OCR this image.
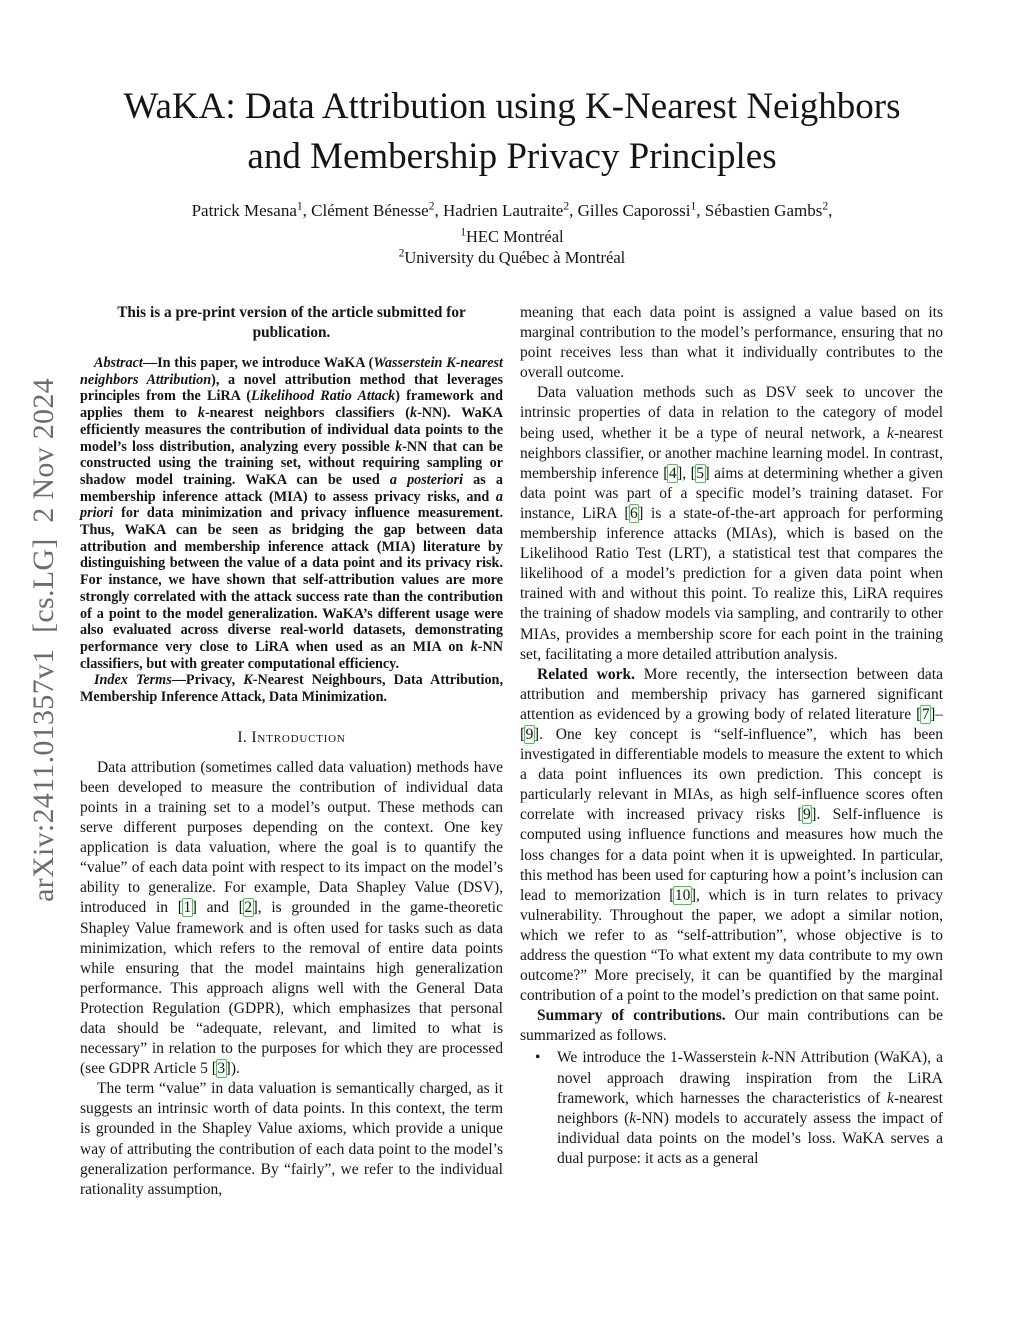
arXiv:2411.01357v1  [cs.LG]  2 Nov 2024
WaKA: Data Attribution using K-Nearest Neighbors
and Membership Privacy Principles
Patrick Mesana$^1$, Clément Bénesse$^2$, Hadrien Lautraite$^2$, Gilles Caporossi$^1$, Sébastien Gambs$^2$,
$^1$HEC Montréal
$^2$University du Québec à Montréal

This is a pre-print version of the article submitted for publication.

Abstract—In this paper, we introduce WaKA (Wasserstein K-nearest neighbors Attribution), a novel attribution method that leverages principles from the LiRA (Likelihood Ratio Attack) framework and applies them to k-nearest neighbors classifiers (k-NN). WaKA efficiently measures the contribution of individual data points to the model’s loss distribution, analyzing every possible k-NN that can be constructed using the training set, without requiring sampling or shadow model training. WaKA can be used a posteriori as a membership inference attack (MIA) to assess privacy risks, and a priori for data minimization and privacy influence measurement. Thus, WaKA can be seen as bridging the gap between data attribution and membership inference attack (MIA) literature by distinguishing between the value of a data point and its privacy risk. For instance, we have shown that self-attribution values are more strongly correlated with the attack success rate than the contribution of a point to the model generalization. WaKA’s different usage were also evaluated across diverse real-world datasets, demonstrating performance very close to LiRA when used as an MIA on k-NN classifiers, but with greater computational efficiency.

Index Terms—Privacy, K-Nearest Neighbours, Data Attribution, Membership Inference Attack, Data Minimization.

I. Introduction

Data attribution (sometimes called data valuation) methods have been developed to measure the contribution of individual data points in a training set to a model’s output. These methods can serve different purposes depending on the context. One key application is data valuation, where the goal is to quantify the “value” of each data point with respect to its impact on the model’s ability to generalize. For example, Data Shapley Value (DSV), introduced in [1] and [2], is grounded in the game-theoretic Shapley Value framework and is often used for tasks such as data minimization, which refers to the removal of entire data points while ensuring that the model maintains high generalization performance. This approach aligns well with the General Data Protection Regulation (GDPR), which emphasizes that personal data should be “adequate, relevant, and limited to what is necessary” in relation to the purposes for which they are processed (see GDPR Article 5 [3]).

The term “value” in data valuation is semantically charged, as it suggests an intrinsic worth of data points. In this context, the term is grounded in the Shapley Value axioms, which provide a unique way of attributing the contribution of each data point to the model’s generalization performance. By “fairly”, we refer to the individual rationality assumption,

meaning that each data point is assigned a value based on its marginal contribution to the model’s performance, ensuring that no point receives less than what it individually contributes to the overall outcome.

Data valuation methods such as DSV seek to uncover the intrinsic properties of data in relation to the category of model being used, whether it be a type of neural network, a k-nearest neighbors classifier, or another machine learning model. In contrast, membership inference [4], [5] aims at determining whether a given data point was part of a specific model’s training dataset. For instance, LiRA [6] is a state-of-the-art approach for performing membership inference attacks (MIAs), which is based on the Likelihood Ratio Test (LRT), a statistical test that compares the likelihood of a model’s prediction for a given data point when trained with and without this point. To realize this, LiRA requires the training of shadow models via sampling, and contrarily to other MIAs, provides a membership score for each point in the training set, facilitating a more detailed attribution analysis.

Related work. More recently, the intersection between data attribution and membership privacy has garnered significant attention as evidenced by a growing body of related literature [7]–[9]. One key concept is “self-influence”, which has been investigated in differentiable models to measure the extent to which a data point influences its own prediction. This concept is particularly relevant in MIAs, as high self-influence scores often correlate with increased privacy risks [9]. Self-influence is computed using influence functions and measures how much the loss changes for a data point when it is upweighted. In particular, this method has been used for capturing how a point’s inclusion can lead to memorization [10], which is in turn relates to privacy vulnerability. Throughout the paper, we adopt a similar notion, which we refer to as “self-attribution”, whose objective is to address the question “To what extent my data contribute to my own outcome?” More precisely, it can be quantified by the marginal contribution of a point to the model’s prediction on that same point.

Summary of contributions. Our main contributions can be summarized as follows.

•	We introduce the 1-Wasserstein k-NN Attribution (WaKA), a novel approach drawing inspiration from the LiRA framework, which harnesses the characteristics of k-nearest neighbors (k-NN) models to accurately assess the impact of individual data points on the model’s loss. WaKA serves a dual purpose: it acts as a general
